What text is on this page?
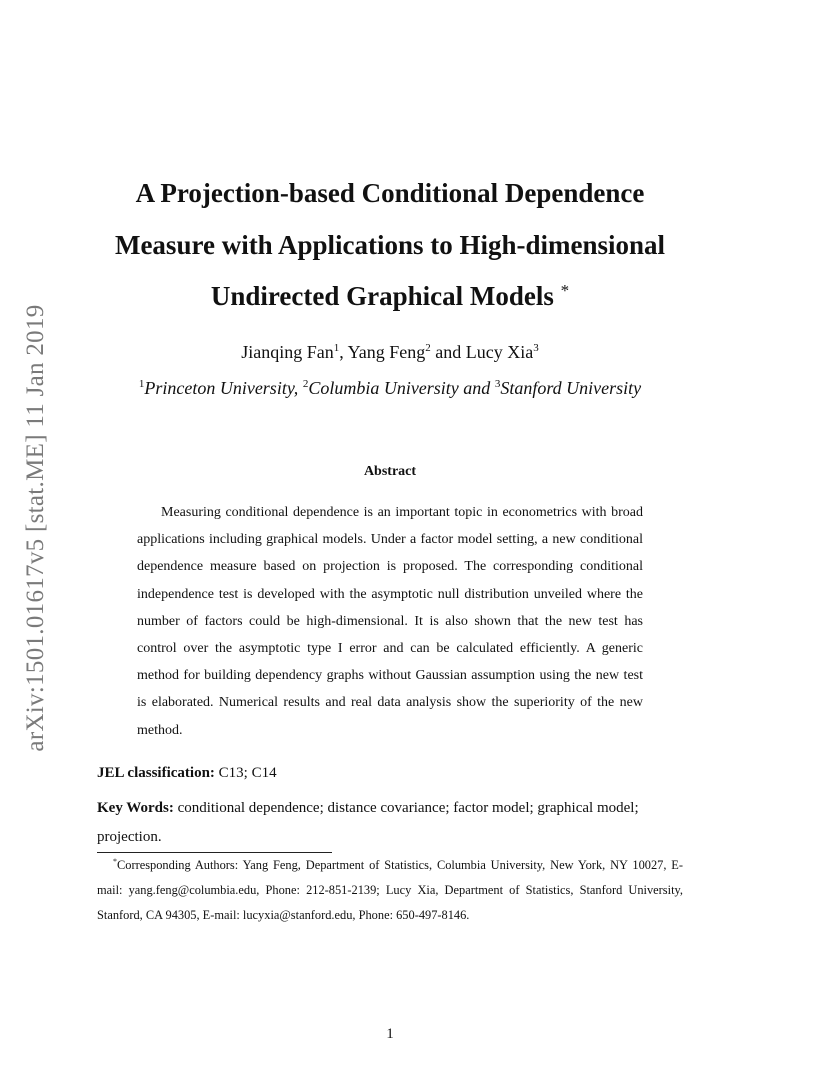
arXiv:1501.01617v5 [stat.ME] 11 Jan 2019
A Projection-based Conditional Dependence
Measure with Applications to High-dimensional
Undirected Graphical Models *
Jianqing Fan$^1$, Yang Feng$^2$ and Lucy Xia$^3$
$^1$Princeton University, $^2$Columbia University and $^3$Stanford University
Abstract

Measuring conditional dependence is an important topic in econometrics with broad applications including graphical models. Under a factor model setting, a new conditional dependence measure based on projection is proposed. The corresponding conditional independence test is developed with the asymptotic null distribution unveiled where the number of factors could be high-dimensional. It is also shown that the new test has control over the asymptotic type I error and can be calculated efficiently. A generic method for building dependency graphs without Gaussian assumption using the new test is elaborated. Numerical results and real data analysis show the superiority of the new method.

JEL classification: C13; C14

Key Words: conditional dependence; distance covariance; factor model; graphical model; projection.

*Corresponding Authors: Yang Feng, Department of Statistics, Columbia University, New York, NY 10027, E-mail: yang.feng@columbia.edu, Phone: 212-851-2139; Lucy Xia, Department of Statistics, Stanford University, Stanford, CA 94305, E-mail: lucyxia@stanford.edu, Phone: 650-497-8146.

1
